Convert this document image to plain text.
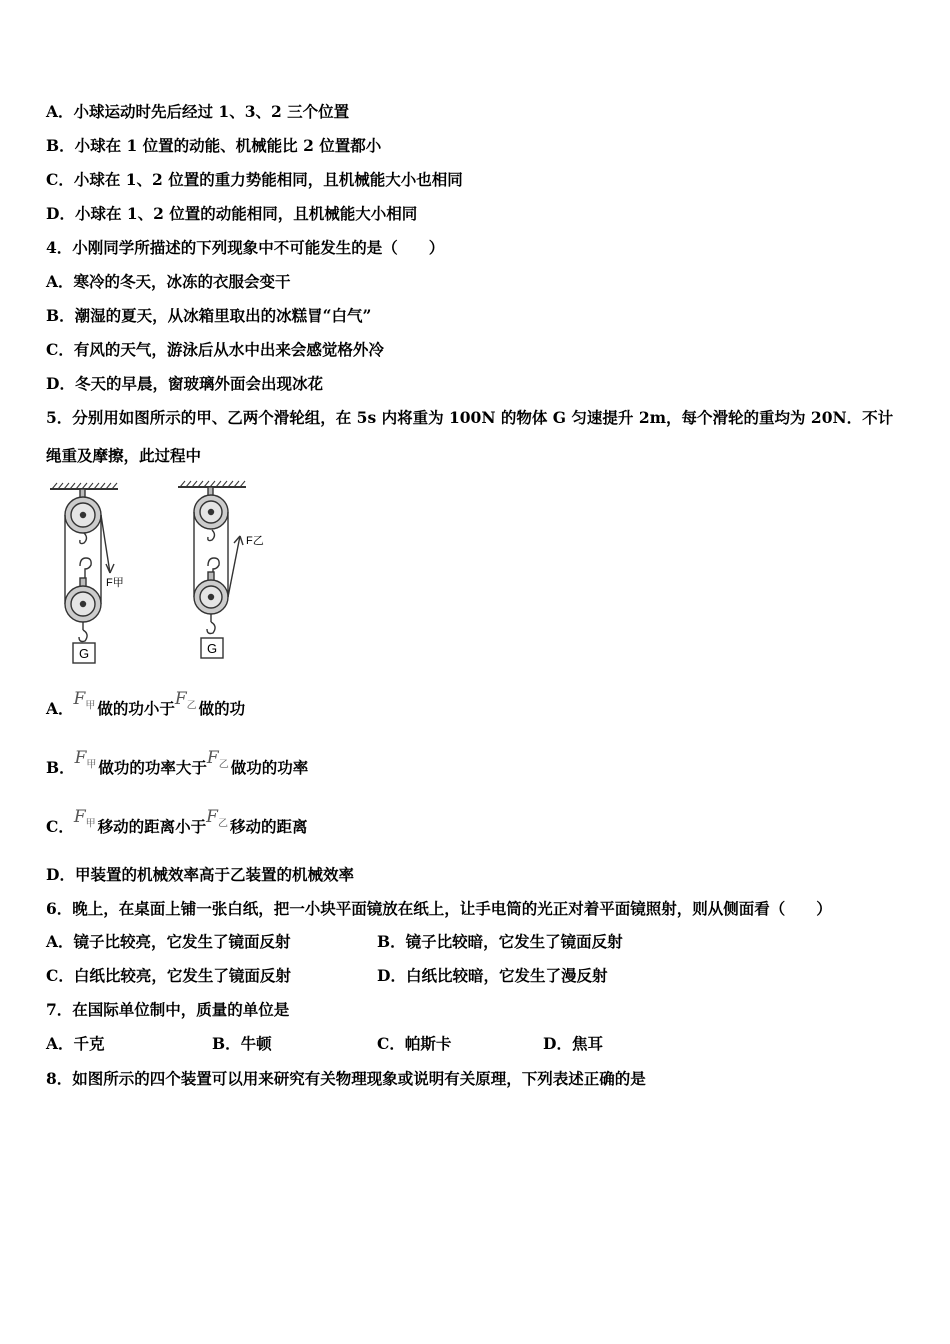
A．小球运动时先后经过 1、3、2 三个位置
B．小球在 1 位置的动能、机械能比 2 位置都小
C．小球在 1、2 位置的重力势能相同，且机械能大小也相同
D．小球在 1、2 位置的动能相同，且机械能大小相同
4．小刚同学所描述的下列现象中不可能发生的是（　　）
A．寒冷的冬天，冰冻的衣服会变干
B．潮湿的夏天，从冰箱里取出的冰糕冒“白气”
C．有风的天气，游泳后从水中出来会感觉格外冷
D．冬天的早晨，窗玻璃外面会出现冰花
5．分别用如图所示的甲、乙两个滑轮组，在 5s 内将重为 100N 的物体 G 匀速提升 2m，每个滑轮的重均为 20N．不计
绳重及摩擦，此过程中
G	G
F甲
F乙
A．$F_甲$ 做的功小于$F_乙$ 做的功
B．$F_甲$ 做功的功率大于$F_乙$ 做功的功率
C．$F_甲$ 移动的距离小于$F_乙$ 移动的距离
D．甲装置的机械效率高于乙装置的机械效率
6．晚上，在桌面上铺一张白纸，把一小块平面镜放在纸上，让手电筒的光正对着平面镜照射，则从侧面看（　　）
A．镜子比较亮，它发生了镜面反射	B．镜子比较暗，它发生了镜面反射
C．白纸比较亮，它发生了镜面反射	D．白纸比较暗，它发生了漫反射
7．在国际单位制中，质量的单位是
A．千克	B．牛顿	C．帕斯卡	D．焦耳
8．如图所示的四个装置可以用来研究有关物理现象或说明有关原理，下列表述正确的是
